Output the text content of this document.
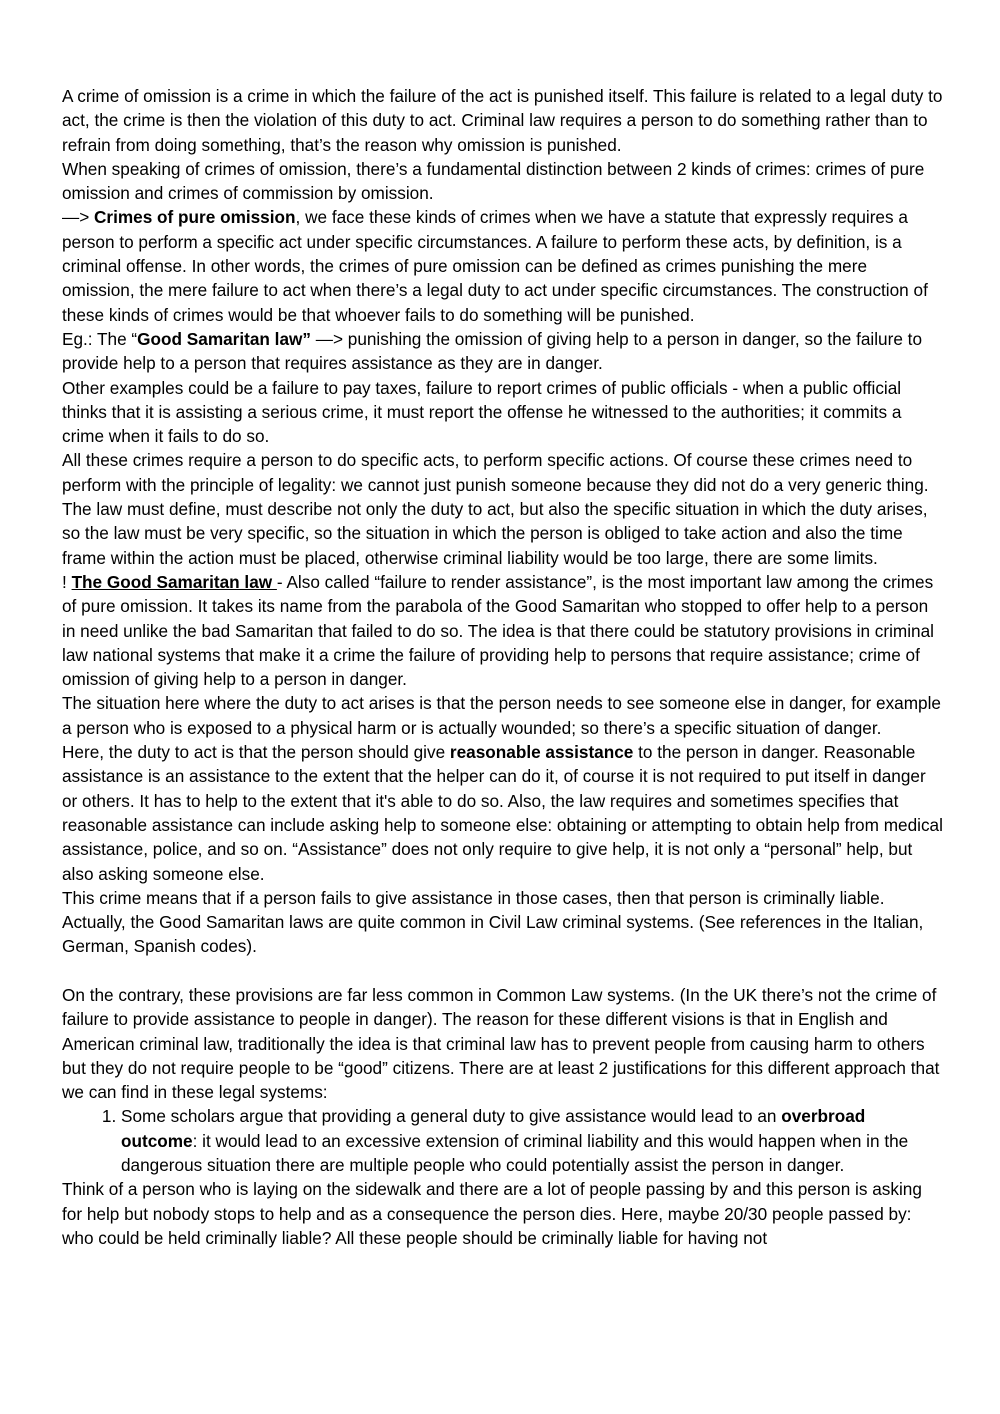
A crime of omission is a crime in which the failure of the act is punished itself. This failure is related to a legal duty to act, the crime is then the violation of this duty to act. Criminal law requires a person to do something rather than to refrain from doing something, that’s the reason why omission is punished.

When speaking of crimes of omission, there’s a fundamental distinction between 2 kinds of crimes: crimes of pure omission and crimes of commission by omission.

—> Crimes of pure omission, we face these kinds of crimes when we have a statute that expressly requires a person to perform a specific act under specific circumstances. A failure to perform these acts, by definition, is a criminal offense. In other words, the crimes of pure omission can be defined as crimes punishing the mere omission, the mere failure to act when there’s a legal duty to act under specific circumstances. The construction of these kinds of crimes would be that whoever fails to do something will be punished.

Eg.: The “Good Samaritan law” —> punishing the omission of giving help to a person in danger, so the failure to provide help to a person that requires assistance as they are in danger.

Other examples could be a failure to pay taxes, failure to report crimes of public officials - when a public official thinks that it is assisting a serious crime, it must report the offense he witnessed to the authorities; it commits a crime when it fails to do so.

All these crimes require a person to do specific acts, to perform specific actions. Of course these crimes need to perform with the principle of legality: we cannot just punish someone because they did not do a very generic thing. The law must define, must describe not only the duty to act, but also the specific situation in which the duty arises, so the law must be very specific, so the situation in which the person is obliged to take action and also the time frame within the action must be placed, otherwise criminal liability would be too large, there are some limits.

! The Good Samaritan law - Also called “failure to render assistance”, is the most important law among the crimes of pure omission. It takes its name from the parabola of the Good Samaritan who stopped to offer help to a person in need unlike the bad Samaritan that failed to do so. The idea is that there could be statutory provisions in criminal law national systems that make it a crime the failure of providing help to persons that require assistance; crime of omission of giving help to a person in danger.

The situation here where the duty to act arises is that the person needs to see someone else in danger, for example a person who is exposed to a physical harm or is actually wounded; so there’s a specific situation of danger.

Here, the duty to act is that the person should give reasonable assistance to the person in danger. Reasonable assistance is an assistance to the extent that the helper can do it, of course it is not required to put itself in danger or others. It has to help to the extent that it's able to do so. Also, the law requires and sometimes specifies that reasonable assistance can include asking help to someone else: obtaining or attempting to obtain help from medical assistance, police, and so on. “Assistance” does not only require to give help, it is not only a “personal” help, but also asking someone else.

This crime means that if a person fails to give assistance in those cases, then that person is criminally liable. Actually, the Good Samaritan laws are quite common in Civil Law criminal systems. (See references in the Italian, German, Spanish codes).

On the contrary, these provisions are far less common in Common Law systems. (In the UK there’s not the crime of failure to provide assistance to people in danger). The reason for these different visions is that in English and American criminal law, traditionally the idea is that criminal law has to prevent people from causing harm to others but they do not require people to be “good” citizens. There are at least 2 justifications for this different approach that we can find in these legal systems:

1. Some scholars argue that providing a general duty to give assistance would lead to an overbroad outcome: it would lead to an excessive extension of criminal liability and this would happen when in the dangerous situation there are multiple people who could potentially assist the person in danger.

Think of a person who is laying on the sidewalk and there are a lot of people passing by and this person is asking for help but nobody stops to help and as a consequence the person dies. Here, maybe 20/30 people passed by: who could be held criminally liable? All these people should be criminally liable for having not
